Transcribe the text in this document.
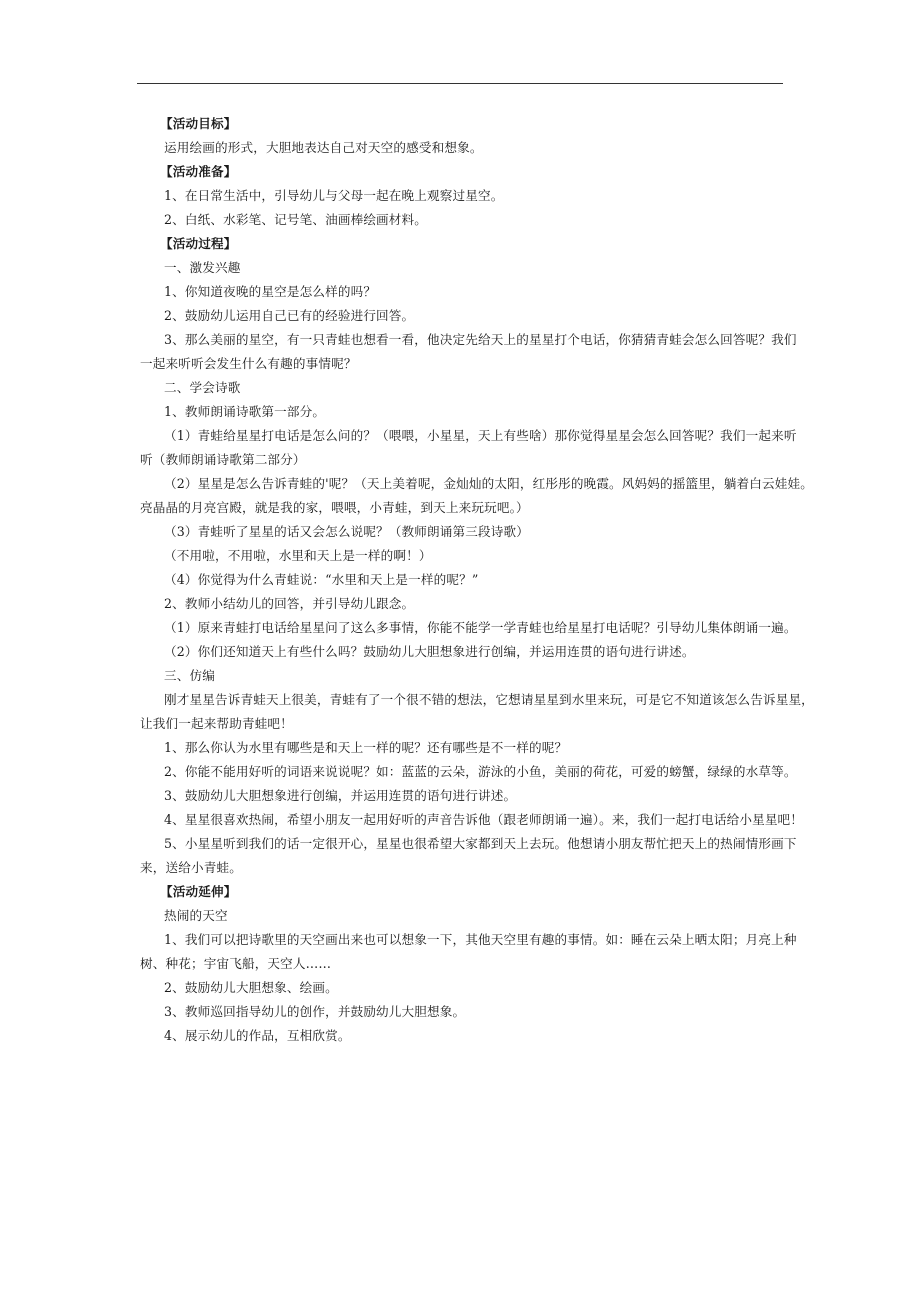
【活动目标】
运用绘画的形式，大胆地表达自己对天空的感受和想象。
【活动准备】
1、在日常生活中，引导幼儿与父母一起在晚上观察过星空。
2、白纸、水彩笔、记号笔、油画棒绘画材料。
【活动过程】
一、激发兴趣
1、你知道夜晚的星空是怎么样的吗？
2、鼓励幼儿运用自己已有的经验进行回答。
3、那么美丽的星空，有一只青蛙也想看一看，他决定先给天上的星星打个电话，你猜猜青蛙会怎么回答呢？我们
一起来听听会发生什么有趣的事情呢？
二、学会诗歌
1、教师朗诵诗歌第一部分。
（1）青蛙给星星打电话是怎么问的？（喂喂，小星星，天上有些啥）那你觉得星星会怎么回答呢？我们一起来听
听（教师朗诵诗歌第二部分）
（2）星星是怎么告诉青蛙的'呢？（天上美着呢，金灿灿的太阳，红彤彤的晚霞。风妈妈的摇篮里，躺着白云娃娃。
亮晶晶的月亮宫殿，就是我的家，喂喂，小青蛙，到天上来玩玩吧。）
（3）青蛙听了星星的话又会怎么说呢？（教师朗诵第三段诗歌）
（不用啦，不用啦，水里和天上是一样的啊！）
（4）你觉得为什么青蛙说：“水里和天上是一样的呢？”
2、教师小结幼儿的回答，并引导幼儿跟念。
（1）原来青蛙打电话给星星问了这么多事情，你能不能学一学青蛙也给星星打电话呢？引导幼儿集体朗诵一遍。
（2）你们还知道天上有些什么吗？鼓励幼儿大胆想象进行创编，并运用连贯的语句进行讲述。
三、仿编
刚才星星告诉青蛙天上很美，青蛙有了一个很不错的想法，它想请星星到水里来玩，可是它不知道该怎么告诉星星，
让我们一起来帮助青蛙吧！
1、那么你认为水里有哪些是和天上一样的呢？还有哪些是不一样的呢？
2、你能不能用好听的词语来说说呢？如：蓝蓝的云朵，游泳的小鱼，美丽的荷花，可爱的螃蟹，绿绿的水草等。
3、鼓励幼儿大胆想象进行创编，并运用连贯的语句进行讲述。
4、星星很喜欢热闹，希望小朋友一起用好听的声音告诉他（跟老师朗诵一遍）。来，我们一起打电话给小星星吧！
5、小星星听到我们的话一定很开心，星星也很希望大家都到天上去玩。他想请小朋友帮忙把天上的热闹情形画下
来，送给小青蛙。
【活动延伸】
热闹的天空
1、我们可以把诗歌里的天空画出来也可以想象一下，其他天空里有趣的事情。如：睡在云朵上晒太阳；月亮上种
树、种花；宇宙飞船，天空人……
2、鼓励幼儿大胆想象、绘画。
3、教师巡回指导幼儿的创作，并鼓励幼儿大胆想象。
4、展示幼儿的作品，互相欣赏。
